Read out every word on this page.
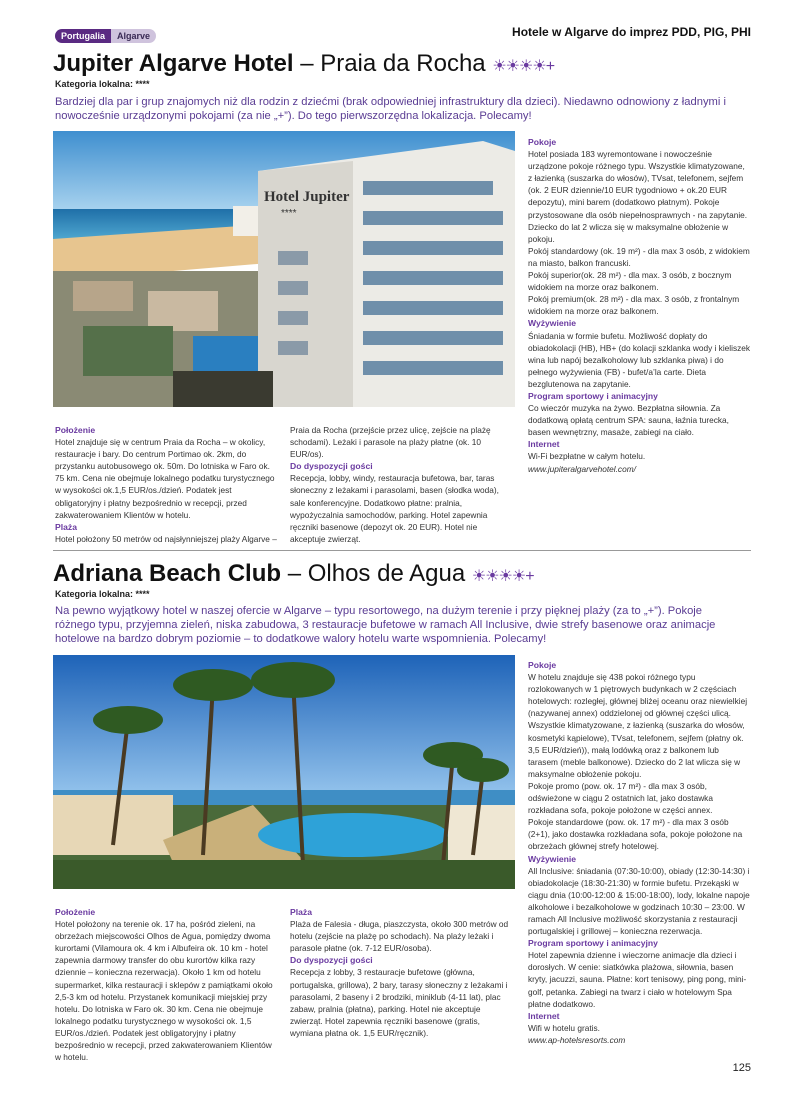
Portugalia Algarve	Hotele w Algarve do imprez PDD, PIG, PHI
Jupiter Algarve Hotel – Praia da Rocha ☀☀☀☀+
Kategoria lokalna: ****
Bardziej dla par i grup znajomych niż dla rodzin z dziećmi (brak odpowiedniej infrastruktury dla dzieci). Niedawno odnowiony z ładnymi i nowocześnie urządzonymi pokojami (za nie „+”). Do tego pierwszorzędna lokalizacja. Polecamy!
Hotel Jupiter
****
Pokoje
Hotel posiada 183 wyremontowane i nowocześnie urządzone pokoje różnego typu. Wszystkie klimatyzowane, z łazienką (suszarka do włosów), TVsat, telefonem, sejfem (ok. 2 EUR dziennie/10 EUR tygodniowo + ok.20 EUR depozytu), mini barem (dodatkowo płatnym). Pokoje przystosowane dla osób niepełnosprawnych - na zapytanie. Dziecko do lat 2 wlicza się w maksymalne obłożenie w pokoju.
Pokój standardowy (ok. 19 m²) - dla max 3 osób, z widokiem na miasto, balkon francuski.
Pokój superior(ok. 28 m²) - dla max. 3 osób, z bocznym widokiem na morze oraz balkonem.
Pokój premium(ok. 28 m²) - dla max. 3 osób, z frontalnym widokiem na morze oraz balkonem.
Wyżywienie
Śniadania w formie bufetu. Możliwość dopłaty do obiadokolacji (HB), HB+ (do kolacji szklanka wody i kieliszek wina lub napój bezalkoholowy lub szklanka piwa) i do pełnego wyżywienia (FB) - bufet/a’la carte. Dieta bezglutenowa na zapytanie.
Program sportowy i animacyjny
Co wieczór muzyka na żywo. Bezpłatna siłownia. Za dodatkową opłatą centrum SPA: sauna, łaźnia turecka, basen wewnętrzny, masaże, zabiegi na ciało.
Internet
Wi-Fi bezpłatne w całym hotelu.
www.jupiteralgarvehotel.com/
Położenie
Hotel znajduje się w centrum Praia da Rocha – w okolicy, restauracje i bary. Do centrum Portimao ok. 2km, do przystanku autobusowego ok. 50m. Do lotniska w Faro ok. 75 km. Cena nie obejmuje lokalnego podatku turystycznego w wysokości ok.1,5 EUR/os./dzień. Podatek jest obligatoryjny i płatny bezpośrednio w recepcji, przed zakwaterowaniem Klientów w hotelu.
Plaża
Hotel położony 50 metrów od najsłynniejszej plaży Algarve –
Praia da Rocha (przejście przez ulicę, zejście na plażę schodami). Leżaki i parasole na plaży płatne (ok. 10 EUR/os).
Do dyspozycji gości
Recepcja, lobby, windy, restauracja bufetowa, bar, taras słoneczny z leżakami i parasolami, basen (słodka woda), sale konferencyjne. Dodatkowo płatne: pralnia, wypożyczalnia samochodów, parking. Hotel zapewnia ręczniki basenowe (depozyt ok. 20 EUR). Hotel nie akceptuje zwierząt.
Adriana Beach Club – Olhos de Agua ☀☀☀☀+
Kategoria lokalna: ****
Na pewno wyjątkowy hotel w naszej ofercie w Algarve – typu resortowego, na dużym terenie i przy pięknej plaży (za to „+”). Pokoje różnego typu, przyjemna zieleń, niska zabudowa, 3 restauracje bufetowe w ramach All Inclusive, dwie strefy basenowe oraz animacje hotelowe na bardzo dobrym poziomie – to dodatkowe walory hotelu warte wspomnienia. Polecamy!
Pokoje
W hotelu znajduje się 438 pokoi różnego typu rozlokowanych w 1 piętrowych budynkach w 2 częściach hotelowych: rozległej, głównej bliżej oceanu oraz niewielkiej (nazywanej annex) oddzielonej od głównej części ulicą. Wszystkie klimatyzowane, z łazienką (suszarka do włosów, kosmetyki kąpielowe), TVsat, telefonem, sejfem (płatny ok. 3,5 EUR/dzień)), małą lodówką oraz z balkonem lub tarasem (meble balkonowe). Dziecko do 2 lat wlicza się w maksymalne obłożenie pokoju.
Pokoje promo (pow. ok. 17 m²) - dla max 3 osób, odświeżone w ciągu 2 ostatnich lat, jako dostawka rozkładana sofa, pokoje położone w części annex.
Pokoje standardowe (pow. ok. 17 m²) - dla max 3 osób (2+1), jako dostawka rozkładana sofa, pokoje położone na obrzeżach głównej strefy hotelowej.
Wyżywienie
All Inclusive: śniadania (07:30-10:00), obiady (12:30-14:30) i obiadokolacje (18:30-21:30) w formie bufetu. Przekąski w ciągu dnia (10:00-12:00 & 15:00-18:00), lody, lokalne napoje alkoholowe i bezalkoholowe w godzinach 10:30 – 23:00. W ramach All Inclusive możliwość skorzystania z restauracji portugalskiej i grillowej – konieczna rezerwacja.
Program sportowy i animacyjny
Hotel zapewnia dzienne i wieczorne animacje dla dzieci i dorosłych. W cenie: siatkówka plażowa, siłownia, basen kryty, jacuzzi, sauna. Płatne: kort tenisowy, ping pong, mini-golf, petanka. Zabiegi na twarz i ciało w hotelowym Spa płatne dodatkowo.
Internet
Wifi w hotelu gratis.
www.ap-hotelsresorts.com
Położenie
Hotel położony na terenie ok. 17 ha, pośród zieleni, na obrzeżach miejscowości Olhos de Agua, pomiędzy dwoma kurortami (Vilamoura ok. 4 km i Albufeira ok. 10 km - hotel zapewnia darmowy transfer do obu kurortów kilka razy dziennie – konieczna rezerwacja). Około 1 km od hotelu supermarket, kilka restauracji i sklepów z pamiątkami około 2,5-3 km od hotelu. Przystanek komunikacji miejskiej przy hotelu. Do lotniska w Faro ok. 30 km. Cena nie obejmuje lokalnego podatku turystycznego w wysokości ok. 1,5 EUR/os./dzień. Podatek jest obligatoryjny i płatny bezpośrednio w recepcji, przed zakwaterowaniem Klientów w hotelu.
Plaża
Plaża de Falesia - długa, piaszczysta, około 300 metrów od hotelu (zejście na plażę po schodach). Na plaży leżaki i parasole płatne (ok. 7-12 EUR/osoba).
Do dyspozycji gości
Recepcja z lobby, 3 restauracje bufetowe (główna, portugalska, grillowa), 2 bary, tarasy słoneczny z leżakami i parasolami, 2 baseny i 2 brodziki, miniklub (4-11 lat), plac zabaw, pralnia (płatna), parking. Hotel nie akceptuje zwierząt. Hotel zapewnia ręczniki basenowe (gratis, wymiana płatna ok. 1,5 EUR/ręcznik).
125
